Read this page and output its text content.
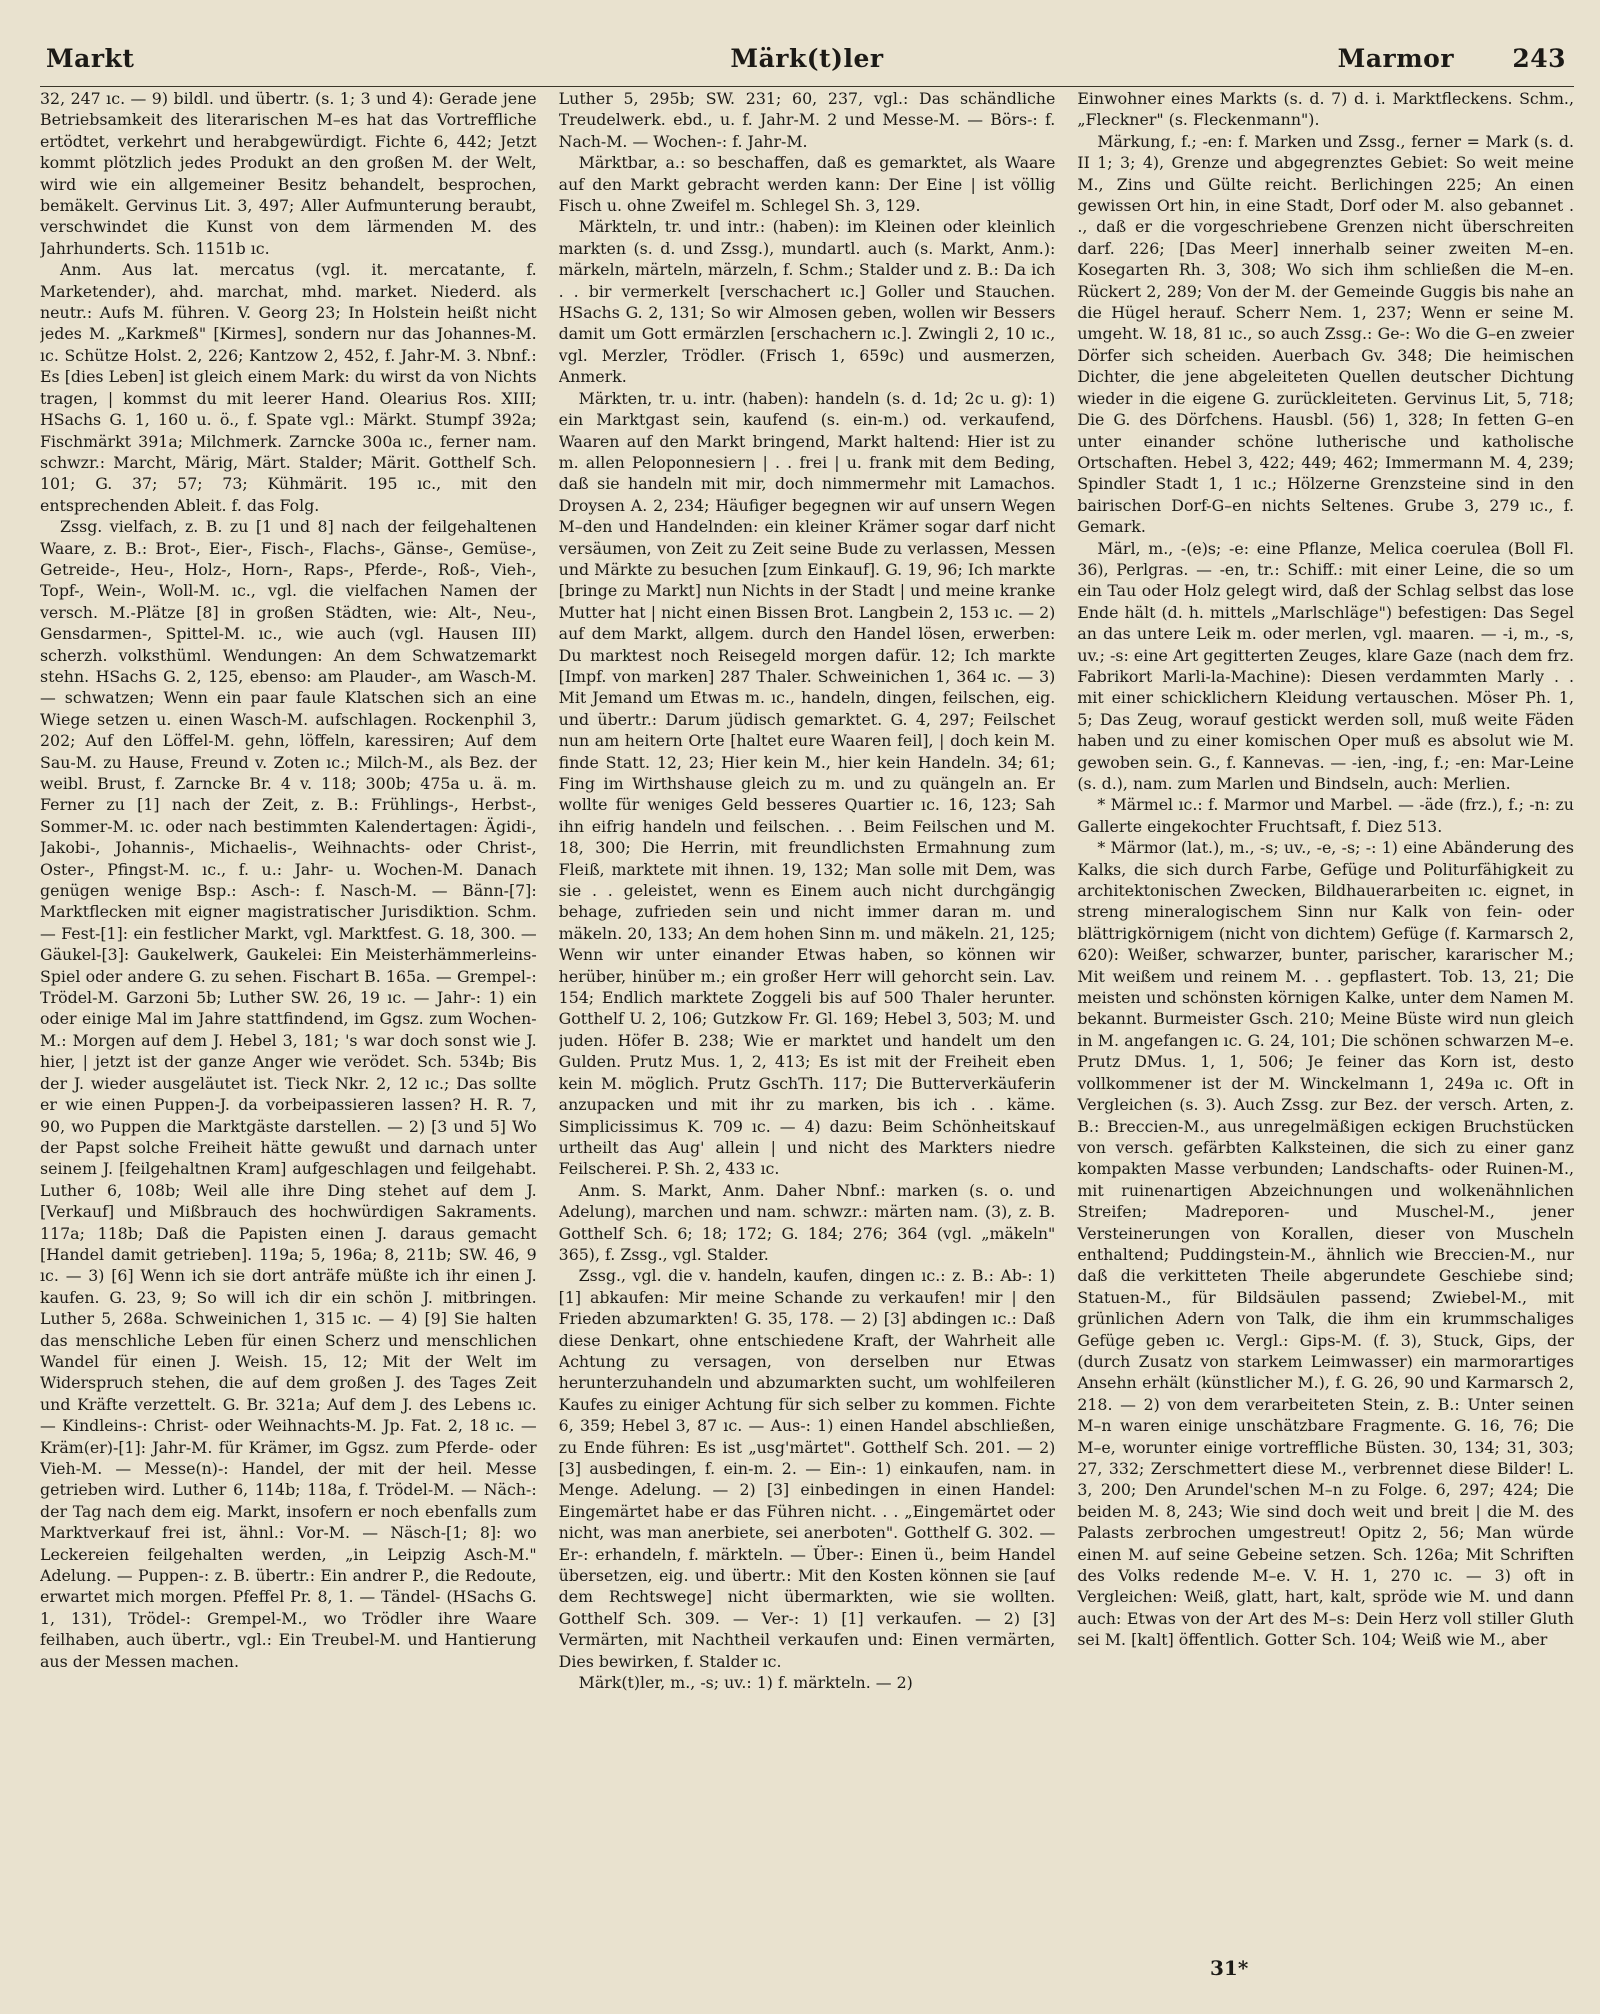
Markt	Märk(t)ler	Marmor 243

32, 247 ıc. — 9) bildl. und übertr. (s. 1; 3 und 4): Gerade jene Betriebsamkeit des literarischen M–es hat das Vortreffliche ertödtet, verkehrt und herabgewürdigt. Fichte 6, 442; Jetzt kommt plötzlich jedes Produkt an den großen M. der Welt, wird wie ein allgemeiner Besitz behandelt, besprochen, bemäkelt. Gervinus Lit. 3, 497; Aller Aufmunterung beraubt, verschwindet die Kunst von dem lärmenden M. des Jahrhunderts. Sch. 1151b ıc.

Anm. Aus lat. mercatus (vgl. it. mercatante, f. Marketender), ahd. marchat, mhd. market. Niederd. als neutr.: Aufs M. führen. V. Georg 23; In Holstein heißt nicht jedes M. „Karkmeß" [Kirmes], sondern nur das Johannes-M. ıc. Schütze Holst. 2, 226; Kantzow 2, 452, f. Jahr-M. 3. Nbnf.: Es [dies Leben] ist gleich einem Mark: du wirst da von Nichts tragen, | kommst du mit leerer Hand. Olearius Ros. XIII; HSachs G. 1, 160 u. ö., f. Spate vgl.: Märkt. Stumpf 392a; Fischmärkt 391a; Milchmerk. Zarncke 300a ıc., ferner nam. schwzr.: Marcht, Märig, Märt. Stalder; Märit. Gotthelf Sch. 101; G. 37; 57; 73; Kühmärit. 195 ıc., mit den entsprechenden Ableit. f. das Folg.

Zssg. vielfach, z. B. zu [1 und 8] nach der feilgehaltenen Waare, z. B.: Brot-, Eier-, Fisch-, Flachs-, Gänse-, Gemüse-, Getreide-, Heu-, Holz-, Horn-, Raps-, Pferde-, Roß-, Vieh-, Topf-, Wein-, Woll-M. ıc., vgl. die vielfachen Namen der versch. M.-Plätze [8] in großen Städten, wie: Alt-, Neu-, Gensdarmen-, Spittel-M. ıc., wie auch (vgl. Hausen III) scherzh. volksthüml. Wendungen: An dem Schwatzemarkt stehn. HSachs G. 2, 125, ebenso: am Plauder-, am Wasch-M. — schwatzen; Wenn ein paar faule Klatschen sich an eine Wiege setzen u. einen Wasch-M. aufschlagen. Rockenphil 3, 202; Auf den Löffel-M. gehn, löffeln, karessiren; Auf dem Sau-M. zu Hause, Freund v. Zoten ıc.; Milch-M., als Bez. der weibl. Brust, f. Zarncke Br. 4 v. 118; 300b; 475a u. ä. m. Ferner zu [1] nach der Zeit, z. B.: Frühlings-, Herbst-, Sommer-M. ıc. oder nach bestimmten Kalendertagen: Ägidi-, Jakobi-, Johannis-, Michaelis-, Weihnachts- oder Christ-, Oster-, Pfingst-M. ıc., f. u.: Jahr- u. Wochen-M. Danach genügen wenige Bsp.: Asch-: f. Nasch-M. — Bänn-[7]: Marktflecken mit eigner magistratischer Jurisdiktion. Schm. — Fest-[1]: ein festlicher Markt, vgl. Marktfest. G. 18, 300. — Gäukel-[3]: Gaukelwerk, Gaukelei: Ein Meisterhämmerleins-Spiel oder andere G. zu sehen. Fischart B. 165a. — Grempel-: Trödel-M. Garzoni 5b; Luther SW. 26, 19 ıc. — Jahr-: 1) ein oder einige Mal im Jahre stattfindend, im Ggsz. zum Wochen-M.: Morgen auf dem J. Hebel 3, 181; 's war doch sonst wie J. hier, | jetzt ist der ganze Anger wie verödet. Sch. 534b; Bis der J. wieder ausgeläutet ist. Tieck Nkr. 2, 12 ıc.; Das sollte er wie einen Puppen-J. da vorbeipassieren lassen? H. R. 7, 90, wo Puppen die Marktgäste darstellen. — 2) [3 und 5] Wo der Papst solche Freiheit hätte gewußt und darnach unter seinem J. [feilgehaltnen Kram] aufgeschlagen und feilgehabt. Luther 6, 108b; Weil alle ihre Ding stehet auf dem J. [Verkauf] und Mißbrauch des hochwürdigen Sakraments. 117a; 118b; Daß die Papisten einen J. daraus gemacht [Handel damit getrieben]. 119a; 5, 196a; 8, 211b; SW. 46, 9 ıc. — 3) [6] Wenn ich sie dort anträfe müßte ich ihr einen J. kaufen. G. 23, 9; So will ich dir ein schön J. mitbringen. Luther 5, 268a. Schweinichen 1, 315 ıc. — 4) [9] Sie halten das menschliche Leben für einen Scherz und menschlichen Wandel für einen J. Weish. 15, 12; Mit der Welt im Widerspruch stehen, die auf dem großen J. des Tages Zeit und Kräfte verzettelt. G. Br. 321a; Auf dem J. des Lebens ıc. — Kindleins-: Christ- oder Weihnachts-M. Jp. Fat. 2, 18 ıc. — Kräm(er)-[1]: Jahr-M. für Krämer, im Ggsz. zum Pferde- oder Vieh-M. — Messe(n)-: Handel, der mit der heil. Messe getrieben wird. Luther 6, 114b; 118a, f. Trödel-M. — Näch-: der Tag nach dem eig. Markt, insofern er noch ebenfalls zum Marktverkauf frei ist, ähnl.: Vor-M. — Näsch-[1; 8]: wo Leckereien feilgehalten werden, „in Leipzig Asch-M." Adelung. — Puppen-: z. B. übertr.: Ein andrer P., die Redoute, erwartet mich morgen. Pfeffel Pr. 8, 1. — Tändel- (HSachs G. 1, 131), Trödel-: Grempel-M., wo Trödler ihre Waare feilhaben, auch übertr., vgl.: Ein Treubel-M. und Hantierung aus der Messen machen.

Luther 5, 295b; SW. 231; 60, 237, vgl.: Das schändliche Treudelwerk. ebd., u. f. Jahr-M. 2 und Messe-M. — Börs-: f. Nach-M. — Wochen-: f. Jahr-M.

Märktbar, a.: so beschaffen, daß es gemarktet, als Waare auf den Markt gebracht werden kann: Der Eine | ist völlig Fisch u. ohne Zweifel m. Schlegel Sh. 3, 129.

Märkteln, tr. und intr.: (haben): im Kleinen oder kleinlich markten (s. d. und Zssg.), mundartl. auch (s. Markt, Anm.): märkeln, märteln, märzeln, f. Schm.; Stalder und z. B.: Da ich . . bir vermerkelt [verschachert ıc.] Goller und Stauchen. HSachs G. 2, 131; So wir Almosen geben, wollen wir Bessers damit um Gott ermärzlen [erschachern ıc.]. Zwingli 2, 10 ıc., vgl. Merzler, Trödler. (Frisch 1, 659c) und ausmerzen, Anmerk.

Märkten, tr. u. intr. (haben): handeln (s. d. 1d; 2c u. g): 1) ein Marktgast sein, kaufend (s. ein-m.) od. verkaufend, Waaren auf den Markt bringend, Markt haltend: Hier ist zu m. allen Peloponnesiern | . . frei | u. frank mit dem Beding, daß sie handeln mit mir, doch nimmermehr mit Lamachos. Droysen A. 2, 234; Häufiger begegnen wir auf unsern Wegen M–den und Handelnden: ein kleiner Krämer sogar darf nicht versäumen, von Zeit zu Zeit seine Bude zu verlassen, Messen und Märkte zu besuchen [zum Einkauf]. G. 19, 96; Ich markte [bringe zu Markt] nun Nichts in der Stadt | und meine kranke Mutter hat | nicht einen Bissen Brot. Langbein 2, 153 ıc. — 2) auf dem Markt, allgem. durch den Handel lösen, erwerben: Du marktest noch Reisegeld morgen dafür. 12; Ich markte [Impf. von marken] 287 Thaler. Schweinichen 1, 364 ıc. — 3) Mit Jemand um Etwas m. ıc., handeln, dingen, feilschen, eig. und übertr.: Darum jüdisch gemarktet. G. 4, 297; Feilschet nun am heitern Orte [haltet eure Waaren feil], | doch kein M. finde Statt. 12, 23; Hier kein M., hier kein Handeln. 34; 61; Fing im Wirthshause gleich zu m. und zu quängeln an. Er wollte für weniges Geld besseres Quartier ıc. 16, 123; Sah ihn eifrig handeln und feilschen. . . Beim Feilschen und M. 18, 300; Die Herrin, mit freundlichsten Ermahnung zum Fleiß, marktete mit ihnen. 19, 132; Man solle mit Dem, was sie . . geleistet, wenn es Einem auch nicht durchgängig behage, zufrieden sein und nicht immer daran m. und mäkeln. 20, 133; An dem hohen Sinn m. und mäkeln. 21, 125; Wenn wir unter einander Etwas haben, so können wir herüber, hinüber m.; ein großer Herr will gehorcht sein. Lav. 154; Endlich marktete Zoggeli bis auf 500 Thaler herunter. Gotthelf U. 2, 106; Gutzkow Fr. Gl. 169; Hebel 3, 503; M. und juden. Höfer B. 238; Wie er marktet und handelt um den Gulden. Prutz Mus. 1, 2, 413; Es ist mit der Freiheit eben kein M. möglich. Prutz GschTh. 117; Die Butterverkäuferin anzupacken und mit ihr zu marken, bis ich . . käme. Simplicissimus K. 709 ıc. — 4) dazu: Beim Schönheitskauf urtheilt das Aug' allein | und nicht des Markters niedre Feilscherei. P. Sh. 2, 433 ıc.

Anm. S. Markt, Anm. Daher Nbnf.: marken (s. o. und Adelung), marchen und nam. schwzr.: märten nam. (3), z. B. Gotthelf Sch. 6; 18; 172; G. 184; 276; 364 (vgl. „mäkeln" 365), f. Zssg., vgl. Stalder.

Zssg., vgl. die v. handeln, kaufen, dingen ıc.: z. B.: Ab-: 1) [1] abkaufen: Mir meine Schande zu verkaufen! mir | den Frieden abzumarkten! G. 35, 178. — 2) [3] abdingen ıc.: Daß diese Denkart, ohne entschiedene Kraft, der Wahrheit alle Achtung zu versagen, von derselben nur Etwas herunterzuhandeln und abzumarkten sucht, um wohlfeileren Kaufes zu einiger Achtung für sich selber zu kommen. Fichte 6, 359; Hebel 3, 87 ıc. — Aus-: 1) einen Handel abschließen, zu Ende führen: Es ist „usg'märtet". Gotthelf Sch. 201. — 2) [3] ausbedingen, f. ein-m. 2. — Ein-: 1) einkaufen, nam. in Menge. Adelung. — 2) [3] einbedingen in einen Handel: Eingemärtet habe er das Führen nicht. . . „Eingemärtet oder nicht, was man anerbiete, sei anerboten". Gotthelf G. 302. — Er-: erhandeln, f. märkteln. — Über-: Einen ü., beim Handel übersetzen, eig. und übertr.: Mit den Kosten können sie [auf dem Rechtswege] nicht übermarkten, wie sie wollten. Gotthelf Sch. 309. — Ver-: 1) [1] verkaufen. — 2) [3] Vermärten, mit Nachtheil verkaufen und: Einen vermärten, Dies bewirken, f. Stalder ıc.

Märk(t)ler, m., -s; uv.: 1) f. märkteln. — 2)

Einwohner eines Markts (s. d. 7) d. i. Marktfleckens. Schm., „Fleckner" (s. Fleckenmann").

Märkung, f.; -en: f. Marken und Zssg., ferner = Mark (s. d. II 1; 3; 4), Grenze und abgegrenztes Gebiet: So weit meine M., Zins und Gülte reicht. Berlichingen 225; An einen gewissen Ort hin, in eine Stadt, Dorf oder M. also gebannet . ., daß er die vorgeschriebene Grenzen nicht überschreiten darf. 226; [Das Meer] innerhalb seiner zweiten M–en. Kosegarten Rh. 3, 308; Wo sich ihm schließen die M–en. Rückert 2, 289; Von der M. der Gemeinde Guggis bis nahe an die Hügel herauf. Scherr Nem. 1, 237; Wenn er seine M. umgeht. W. 18, 81 ıc., so auch Zssg.: Ge-: Wo die G–en zweier Dörfer sich scheiden. Auerbach Gv. 348; Die heimischen Dichter, die jene abgeleiteten Quellen deutscher Dichtung wieder in die eigene G. zurückleiteten. Gervinus Lit, 5, 718; Die G. des Dörfchens. Hausbl. (56) 1, 328; In fetten G–en unter einander schöne lutherische und katholische Ortschaften. Hebel 3, 422; 449; 462; Immermann M. 4, 239; Spindler Stadt 1, 1 ıc.; Hölzerne Grenzsteine sind in den bairischen Dorf-G–en nichts Seltenes. Grube 3, 279 ıc., f. Gemark.

Märl, m., -(e)s; -e: eine Pflanze, Melica coerulea (Boll Fl. 36), Perlgras. — -en, tr.: Schiff.: mit einer Leine, die so um ein Tau oder Holz gelegt wird, daß der Schlag selbst das lose Ende hält (d. h. mittels „Marlschläge") befestigen: Das Segel an das untere Leik m. oder merlen, vgl. maaren. — -i, m., -s, uv.; -s: eine Art gegitterten Zeuges, klare Gaze (nach dem frz. Fabrikort Marli-la-Machine): Diesen verdammten Marly . . mit einer schicklichern Kleidung vertauschen. Möser Ph. 1, 5; Das Zeug, worauf gestickt werden soll, muß weite Fäden haben und zu einer komischen Oper muß es absolut wie M. gewoben sein. G., f. Kannevas. — -ien, -ing, f.; -en: Mar-Leine (s. d.), nam. zum Marlen und Bindseln, auch: Merlien.

* Märmel ıc.: f. Marmor und Marbel. — -äde (frz.), f.; -n: zu Gallerte eingekochter Fruchtsaft, f. Diez 513.

* Märmor (lat.), m., -s; uv., -e, -s; -: 1) eine Abänderung des Kalks, die sich durch Farbe, Gefüge und Politurfähigkeit zu architektonischen Zwecken, Bildhauerarbeiten ıc. eignet, in streng mineralogischem Sinn nur Kalk von fein- oder blättrigkörnigem (nicht von dichtem) Gefüge (f. Karmarsch 2, 620): Weißer, schwarzer, bunter, parischer, kararischer M.; Mit weißem und reinem M. . . gepflastert. Tob. 13, 21; Die meisten und schönsten körnigen Kalke, unter dem Namen M. bekannt. Burmeister Gsch. 210; Meine Büste wird nun gleich in M. angefangen ıc. G. 24, 101; Die schönen schwarzen M–e. Prutz DMus. 1, 1, 506; Je feiner das Korn ist, desto vollkommener ist der M. Winckelmann 1, 249a ıc. Oft in Vergleichen (s. 3). Auch Zssg. zur Bez. der versch. Arten, z. B.: Breccien-M., aus unregelmäßigen eckigen Bruchstücken von versch. gefärbten Kalksteinen, die sich zu einer ganz kompakten Masse verbunden; Landschafts- oder Ruinen-M., mit ruinenartigen Abzeichnungen und wolkenähnlichen Streifen; Madreporen- und Muschel-M., jener Versteinerungen von Korallen, dieser von Muscheln enthaltend; Puddingstein-M., ähnlich wie Breccien-M., nur daß die verkitteten Theile abgerundete Geschiebe sind; Statuen-M., für Bildsäulen passend; Zwiebel-M., mit grünlichen Adern von Talk, die ihm ein krummschaliges Gefüge geben ıc. Vergl.: Gips-M. (f. 3), Stuck, Gips, der (durch Zusatz von starkem Leimwasser) ein marmorartiges Ansehn erhält (künstlicher M.), f. G. 26, 90 und Karmarsch 2, 218. — 2) von dem verarbeiteten Stein, z. B.: Unter seinen M–n waren einige unschätzbare Fragmente. G. 16, 76; Die M–e, worunter einige vortreffliche Büsten. 30, 134; 31, 303; 27, 332; Zerschmettert diese M., verbrennet diese Bilder! L. 3, 200; Den Arundel'schen M–n zu Folge. 6, 297; 424; Die beiden M. 8, 243; Wie sind doch weit und breit | die M. des Palasts zerbrochen umgestreut! Opitz 2, 56; Man würde einen M. auf seine Gebeine setzen. Sch. 126a; Mit Schriften des Volks redende M–e. V. H. 1, 270 ıc. — 3) oft in Vergleichen: Weiß, glatt, hart, kalt, spröde wie M. und dann auch: Etwas von der Art des M–s: Dein Herz voll stiller Gluth sei M. [kalt] öffentlich. Gotter Sch. 104; Weiß wie M., aber

31*
